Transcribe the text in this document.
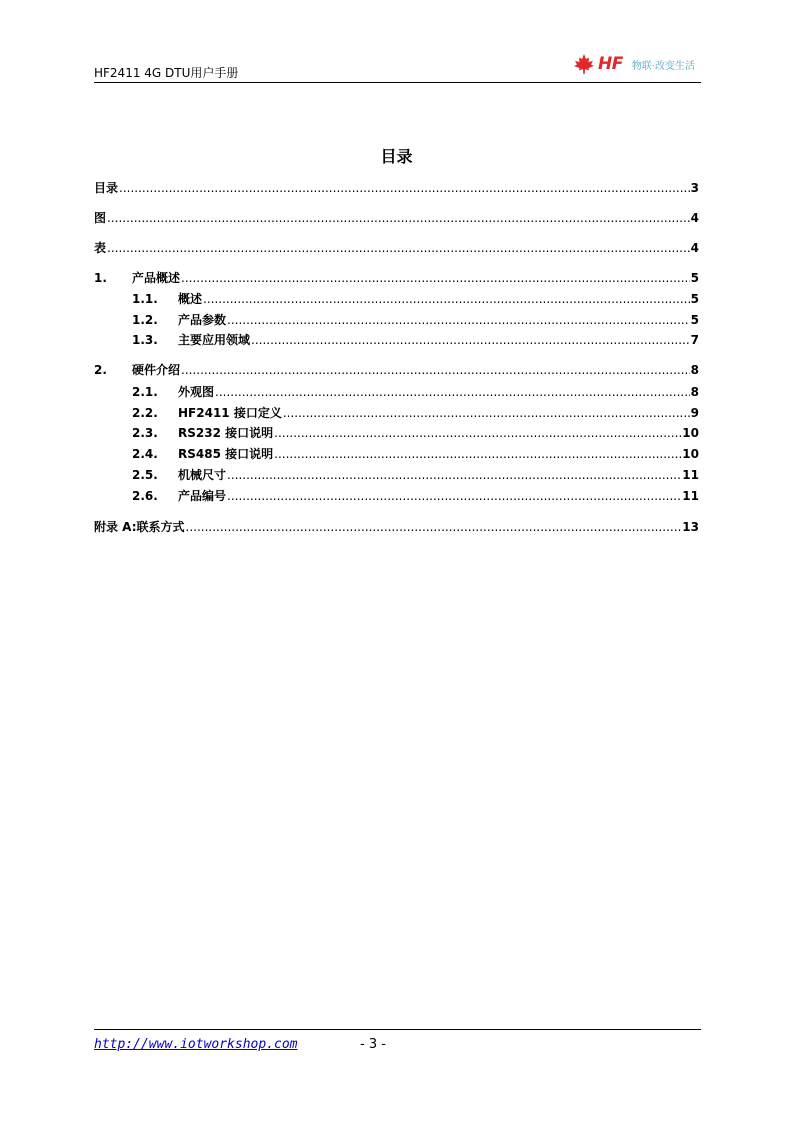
HF2411 4G DTU用户手册	HF 物联·改变生活
目录
目录 .....	3
图 .....	4
表 .....	4
1.	产品概述 .....	5
1.1.	概述 .....	5
1.2.	产品参数 .....	5
1.3.	主要应用领域 .....	7
2.	硬件介绍 .....	8
2.1.	外观图 .....	8
2.2.	HF2411 接口定义 .....	9
2.3.	RS232 接口说明 .....	10
2.4.	RS485 接口说明 .....	10
2.5.	机械尺寸 .....	11
2.6.	产品编号 .....	11
附录 A:联系方式 .....	13
http://www.iotworkshop.com	- 3 -
